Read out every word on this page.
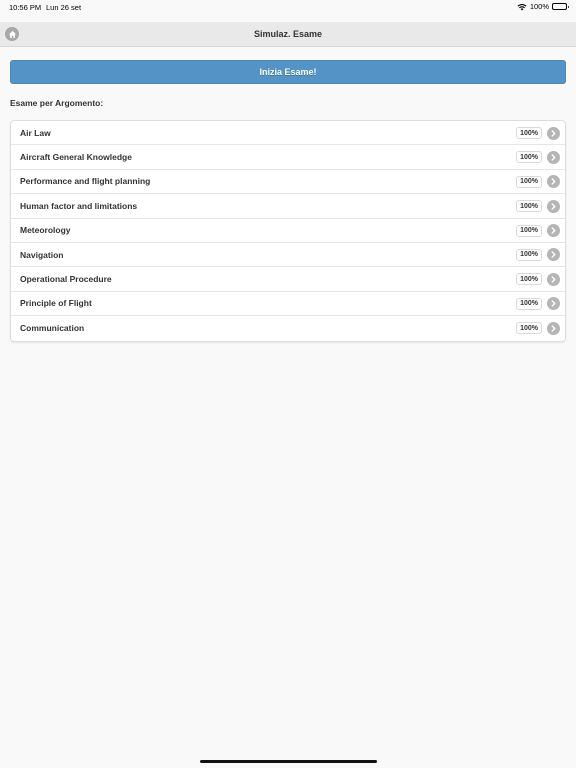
10:56 PM Lun 26 set	100%
Simulaz. Esame
Inizia Esame!
Esame per Argomento:
Air Law	100%
Aircraft General Knowledge	100%
Performance and flight planning	100%
Human factor and limitations	100%
Meteorology	100%
Navigation	100%
Operational Procedure	100%
Principle of Flight	100%
Communication	100%
